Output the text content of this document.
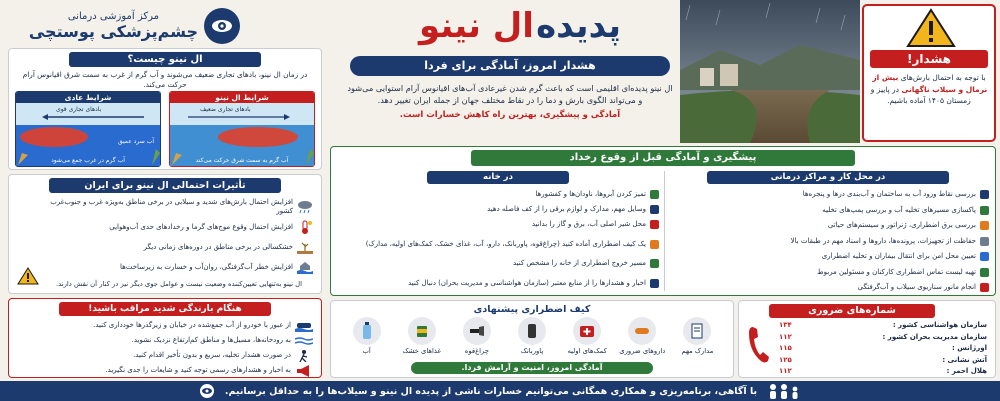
مرکز آموزشی درمانی
چشم‌پزشکی پوستچی	پدیده ال نینو
هشدار امروز، آمادگی برای فردا
ال نینو پدیده‌ای اقلیمی است که باعث گرم شدن غیرعادی آب‌های اقیانوس آرام استوایی می‌شود و می‌تواند الگوی بارش و دما را در نقاط مختلف جهان از جمله ایران تغییر دهد.
آمادگی و پیشگیری، بهترین راه کاهش خسارات است.
هشدار!
با توجه به احتمال بارش‌های بیش از نرمال و سیلاب ناگهانی در پاییز و زمستان ۱۴۰۵ آماده باشیم.
ال نینو چیست؟
در زمان ال نینو، بادهای تجاری ضعیف می‌شوند و آب گرم از غرب به سمت شرق اقیانوس آرام حرکت می‌کند.
شرایط ال نینو
بادهای تجاری ضعیف
آب گرم به سمت شرق حرکت می‌کند
شرایط عادی
بادهای تجاری قوی
آب سرد عمیق
آب گرم در غرب جمع می‌شود
تأثیرات احتمالی ال نینو برای ایران
افزایش احتمال بارش‌های شدید و سیلابی در برخی مناطق به‌ویژه غرب و جنوب‌غرب کشور
افزایش احتمال وقوع موج‌های گرما و رخدادهای حدی آب‌وهوایی
خشکسالی در برخی مناطق در دوره‌های زمانی دیگر
افزایش خطر آب‌گرفتگی، روان‌آب و خسارت به زیرساخت‌ها
ال نینو به‌تنهایی تعیین‌کننده وضعیت نیست و عوامل جوی دیگر نیز در کنار آن نقش دارند.
هنگام بارندگی شدید مراقب باشید!
از عبور با خودرو از آب جمع‌شده در خیابان و زیرگذرها خودداری کنید.
به رودخانه‌ها، مسیل‌ها و مناطق کم‌ارتفاع نزدیک نشوید.
در صورت هشدار تخلیه، سریع و بدون تأخیر اقدام کنید.
به اخبار و هشدارهای رسمی توجه کنید و شایعات را جدی نگیرید.
پیشگیری و آمادگی قبل از وقوع رخداد
در محل کار و مراکز درمانی
بررسی نقاط ورود آب به ساختمان و آب‌بندی درها و پنجره‌ها
پاکسازی مسیرهای تخلیه آب و بررسی پمپ‌های تخلیه
بررسی برق اضطراری، ژنراتور و سیستم‌های حیاتی
حفاظت از تجهیزات، پرونده‌ها، داروها و اسناد مهم در طبقات بالا
تعیین محل امن برای انتقال بیماران و تخلیه اضطراری
تهیه لیست تماس اضطراری کارکنان و مسئولین مربوط
انجام مانور سناریوی سیلاب و آب‌گرفتگی
در خانه
تمیز کردن آبروها، ناودان‌ها و کفشورها
وسایل مهم، مدارک و لوازم برقی را از کف فاصله دهید
محل شیر اصلی آب، برق و گاز را بدانید
یک کیف اضطراری آماده کنید (چراغ‌قوه، پاوربانک، دارو، آب، غذای خشک، کمک‌های اولیه، مدارک)
مسیر خروج اضطراری از خانه را مشخص کنید
اخبار و هشدارها را از منابع معتبر (سازمان هواشناسی و مدیریت بحران) دنبال کنید
کیف اضطراری پیشنهادی
مدارک مهم
داروهای ضروری
کمک‌های اولیه
پاوربانک
چراغ‌قوه
غذاهای خشک
آب
آمادگی امروز، امنیت و آرامش فردا.
شماره‌های ضروری
سازمان هواشناسی کشور :
۱۳۴
سازمان مدیریت بحران کشور :
۱۱۲
اورژانس :
۱۱۵
آتش نشانی :
۱۲۵
هلال احمر :
۱۱۲
با آگاهی، برنامه‌ریزی و همکاری همگانی می‌توانیم خسارات ناشی از پدیده ال نینو و سیلاب‌ها را به حداقل برسانیم.
